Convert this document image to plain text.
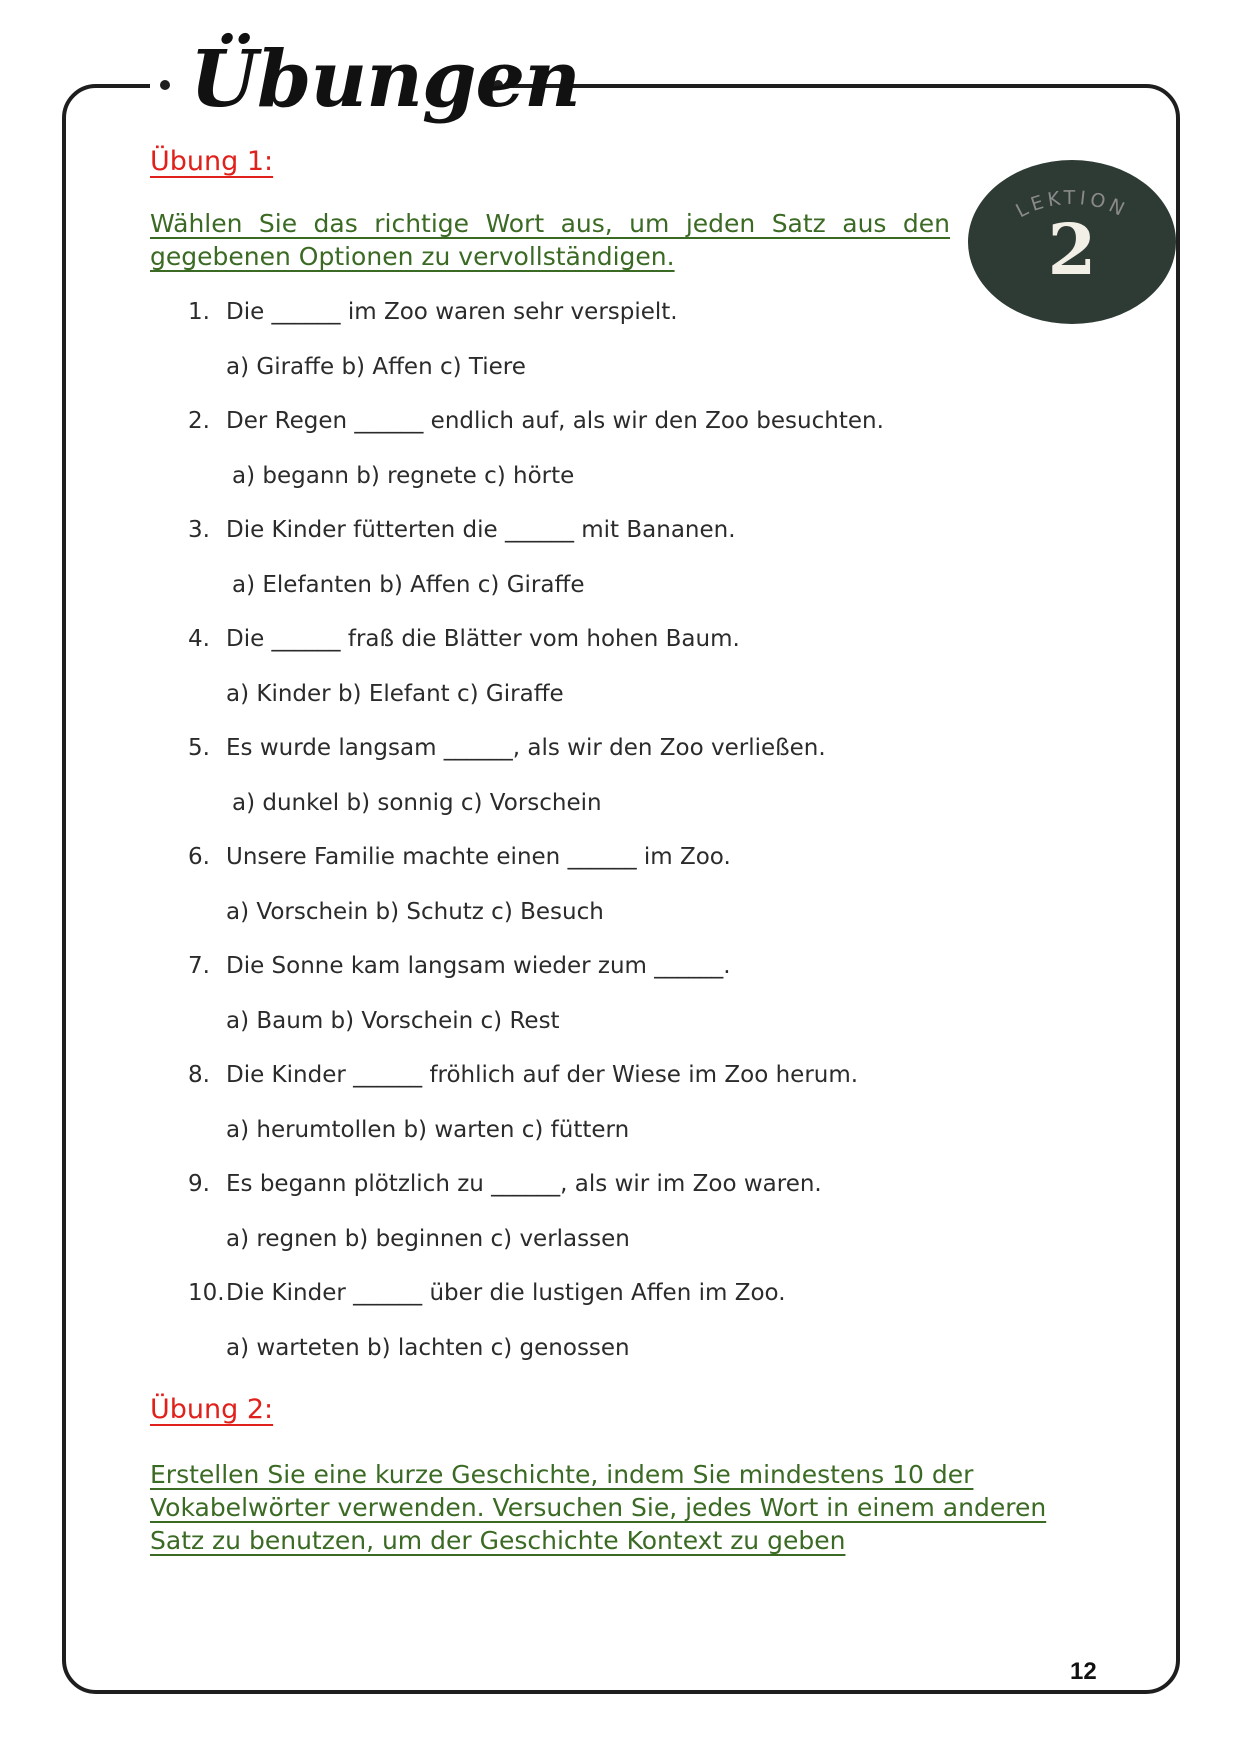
Übungen
LEKTION
2
Übung 1:
Wählen Sie das richtige Wort aus, um jeden Satz aus den gegebenen Optionen zu vervollständigen.
1. Die ______ im Zoo waren sehr verspielt.
a) Giraffe b) Affen c) Tiere
2. Der Regen ______ endlich auf, als wir den Zoo besuchten.
a) begann b) regnete c) hörte
3. Die Kinder fütterten die ______ mit Bananen.
a) Elefanten b) Affen c) Giraffe
4. Die ______ fraß die Blätter vom hohen Baum.
a) Kinder b) Elefant c) Giraffe
5. Es wurde langsam ______, als wir den Zoo verließen.
a) dunkel b) sonnig c) Vorschein
6. Unsere Familie machte einen ______ im Zoo.
a) Vorschein b) Schutz c) Besuch
7. Die Sonne kam langsam wieder zum ______.
a) Baum b) Vorschein c) Rest
8. Die Kinder ______ fröhlich auf der Wiese im Zoo herum.
a) herumtollen b) warten c) füttern
9. Es begann plötzlich zu ______, als wir im Zoo waren.
a) regnen b) beginnen c) verlassen
10.Die Kinder ______ über die lustigen Affen im Zoo.
a) warteten b) lachten c) genossen
Übung 2:
Erstellen Sie eine kurze Geschichte, indem Sie mindestens 10 der Vokabelwörter verwenden. Versuchen Sie, jedes Wort in einem anderen Satz zu benutzen, um der Geschichte Kontext zu geben
12
